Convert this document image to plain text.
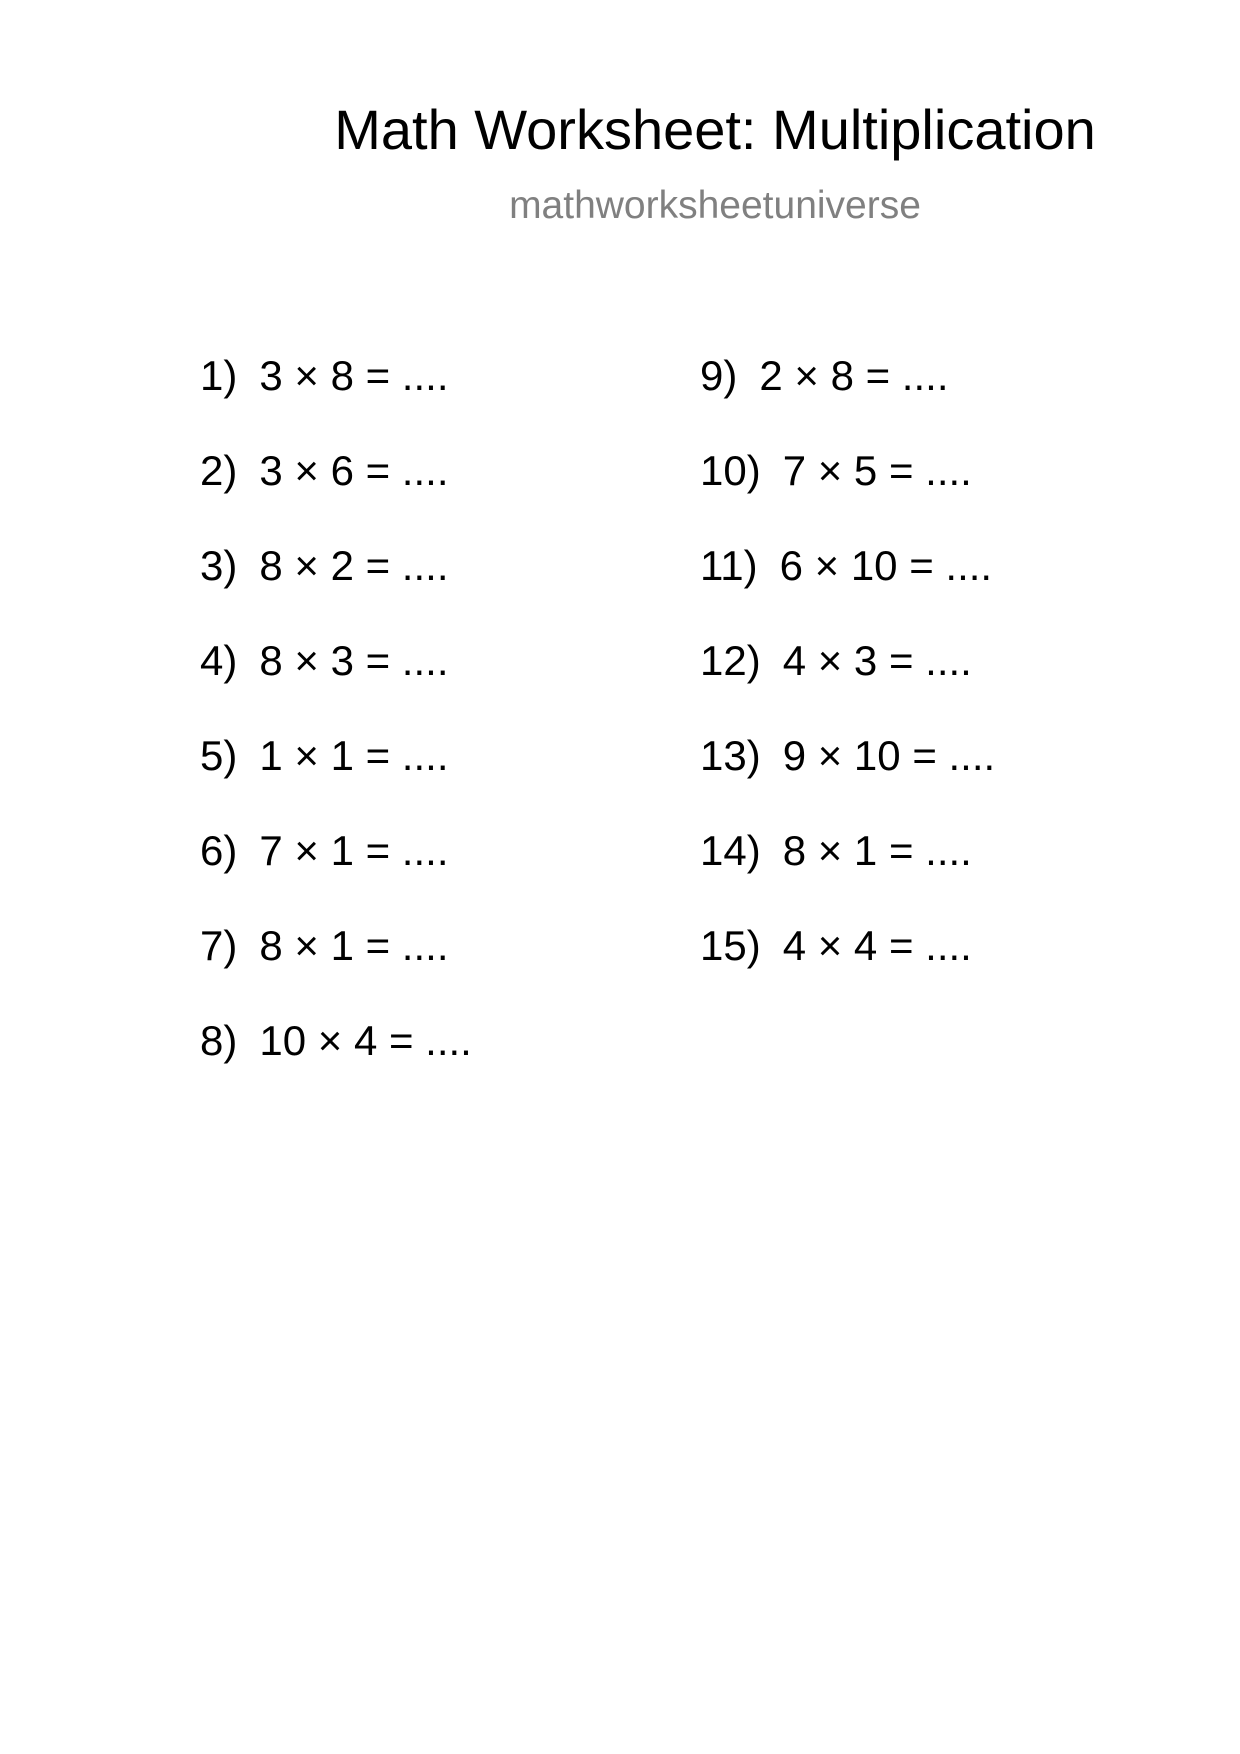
Math Worksheet: Multiplication
mathworksheetuniverse
1) 3 × 8 = ....
2) 3 × 6 = ....
3) 8 × 2 = ....
4) 8 × 3 = ....
5) 1 × 1 = ....
6) 7 × 1 = ....
7) 8 × 1 = ....
8) 10 × 4 = ....
9) 2 × 8 = ....
10) 7 × 5 = ....
11) 6 × 10 = ....
12) 4 × 3 = ....
13) 9 × 10 = ....
14) 8 × 1 = ....
15) 4 × 4 = ....
